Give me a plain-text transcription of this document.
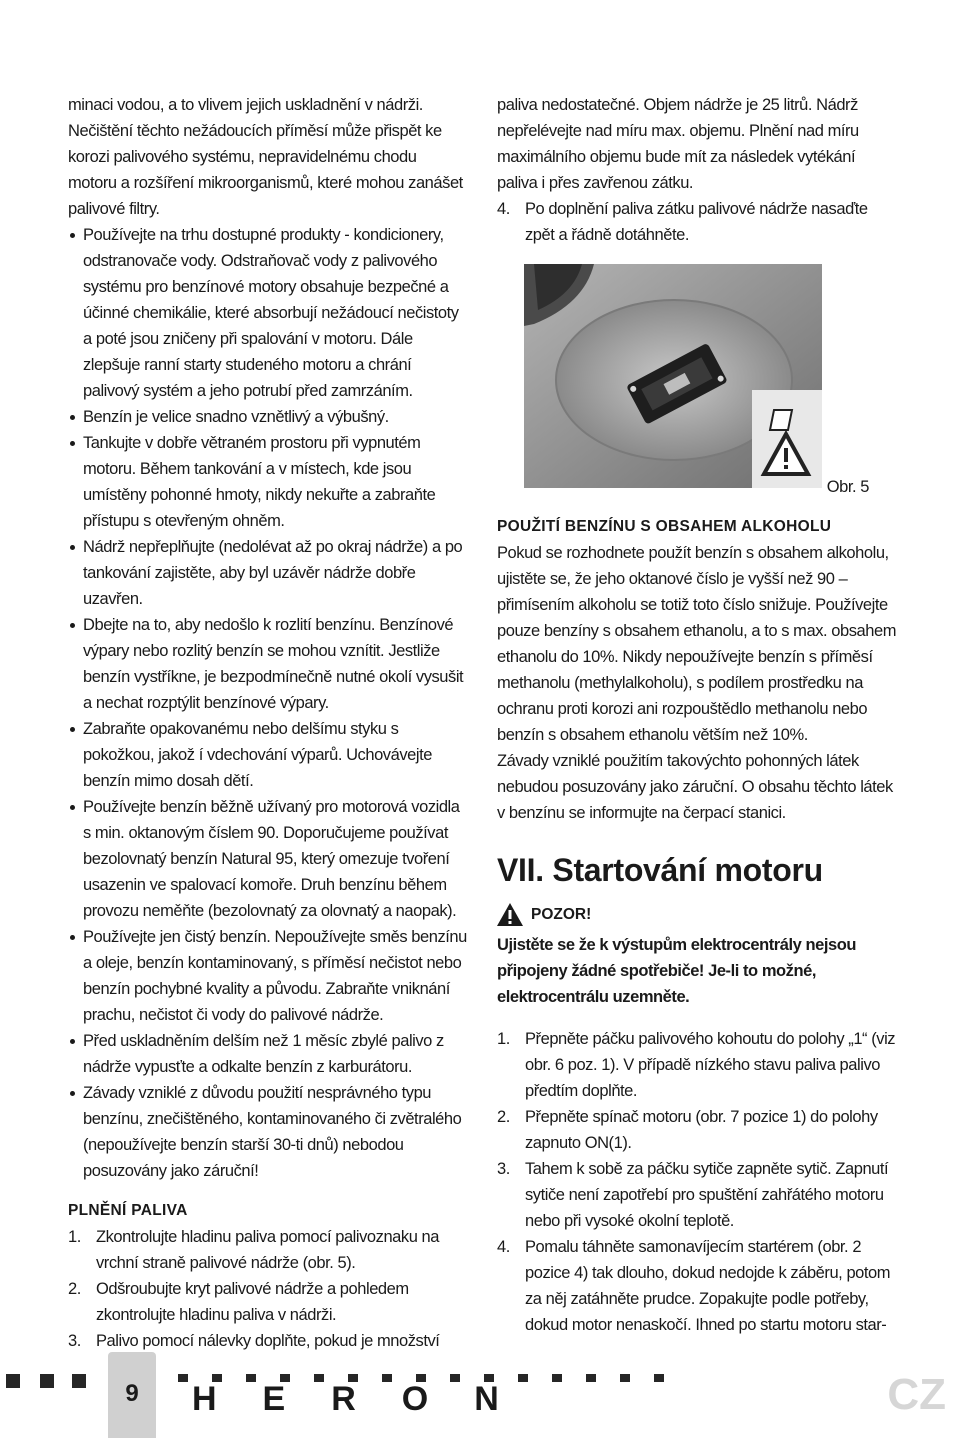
minaci vodou, a to vlivem jejich uskladnění v nádrži. Nečištění těchto nežádoucích příměsí může přispět ke korozi palivového systému, nepravidelnému chodu motoru a rozšíření mikroorganismů, které mohou zanášet palivové filtry.

Používejte na trhu dostupné produkty - kondicionery, odstranovače vody. Odstraňovač vody z palivového systému pro benzínové motory obsahuje bezpečné a účinné chemikálie, které absorbují nežádoucí nečistoty a poté jsou zničeny při spalování v motoru. Dále zlepšuje ranní starty studeného motoru a chrání palivový systém a jeho potrubí před zamrzáním.
Benzín je velice snadno vznětlivý a výbušný.
Tankujte v dobře větraném prostoru při vypnutém motoru. Během tankování a v místech, kde jsou umístěny pohonné hmoty, nikdy nekuřte a zabraňte přístupu s otevřeným ohněm.
Nádrž nepřeplňujte (nedolévat až po okraj nádrže) a po tankování zajistěte, aby byl uzávěr nádrže dobře uzavřen.
Dbejte na to, aby nedošlo k rozlití benzínu. Benzínové výpary nebo rozlitý benzín se mohou vznítit. Jestliže benzín vystříkne, je bezpodmínečně nutné okolí vysušit a nechat rozptýlit benzínové výpary.
Zabraňte opakovanému nebo delšímu styku s pokožkou, jakož í vdechování výparů. Uchovávejte benzín mimo dosah dětí.
Používejte benzín běžně užívaný pro motorová vozidla s min. oktanovým číslem 90. Doporučujeme používat bezolovnatý benzín Natural 95, který omezuje tvoření usazenin ve spalovací komoře. Druh benzínu během provozu neměňte (bezolovnatý za olovnatý a naopak).
Používejte jen čistý benzín. Nepoužívejte směs benzínu a oleje, benzín kontaminovaný, s příměsí nečistot nebo benzín pochybné kvality a původu. Zabraňte vniknání prachu, nečistot či vody do palivové nádrže.
Před uskladněním delším než 1 měsíc zbylé palivo z nádrže vypusťte a odkalte benzín z karburátoru.
Závady vzniklé z důvodu použití nesprávného typu benzínu, znečištěného, kontaminovaného či zvětralého (nepoužívejte benzín starší 30-ti dnů) nebodou posuzovány jako záruční!
PLNĚNÍ PALIVA
1. Zkontrolujte hladinu paliva pomocí palivoznaku na vrchní straně palivové nádrže (obr. 5).
2. Odšroubujte kryt palivové nádrže a pohledem zkontrolujte hladinu paliva v nádrži.
3. Palivo pomocí nálevky doplňte, pokud je množství

paliva nedostatečné. Objem nádrže je 25 litrů. Nádrž nepřelévejte nad míru max. objemu. Plnění nad míru maximálního objemu bude mít za následek vytékání paliva i přes zavřenou zátku.

4. Po doplnění paliva zátku palivové nádrže nasaďte zpět a řádně dotáhněte.
Obr. 5
POUŽITÍ BENZÍNU S OBSAHEM ALKOHOLU

Pokud se rozhodnete použít benzín s obsahem alkoholu, ujistěte se, že jeho oktanové číslo je vyšší než 90 – přimísením alkoholu se totiž toto číslo snižuje. Používejte pouze benzíny s obsahem ethanolu, a to s max. obsahem ethanolu do 10%. Nikdy nepoužívejte benzín s příměsí methanolu (methylalkoholu), s podílem prostředku na ochranu proti korozi ani rozpouštědlo methanolu nebo benzín s obsahem ethanolu větším než 10%.

Závady vzniklé použitím takovýchto pohonných látek nebudou posuzovány jako záruční. O obsahu těchto látek v benzínu se informujte na čerpací stanici.

VII. Startování motoru
POZOR!

Ujistěte se že k výstupům elektrocentrály nejsou připojeny žádné spotřebiče! Je-li to možné, elektrocentrálu uzemněte.

1. Přepněte páčku palivového kohoutu do polohy „1“ (viz obr. 6 poz. 1). V případě nízkého stavu paliva palivo předtím doplňte.
2. Přepněte spínač motoru (obr. 7 pozice 1) do polohy zapnuto ON(1).
3. Tahem k sobě za páčku sytiče zapněte sytič. Zapnutí sytiče není zapotřebí pro spuštění zahřátého motoru nebo při vysoké okolní teplotě.
4. Pomalu táhněte samonavíjecím startérem (obr. 2 pozice 4) tak dlouho, dokud nedojde k záběru, potom za něj zatáhněte prudce. Zopakujte podle potřeby, dokud motor nenaskočí. Ihned po startu motoru star-
9	HERON	CZ
